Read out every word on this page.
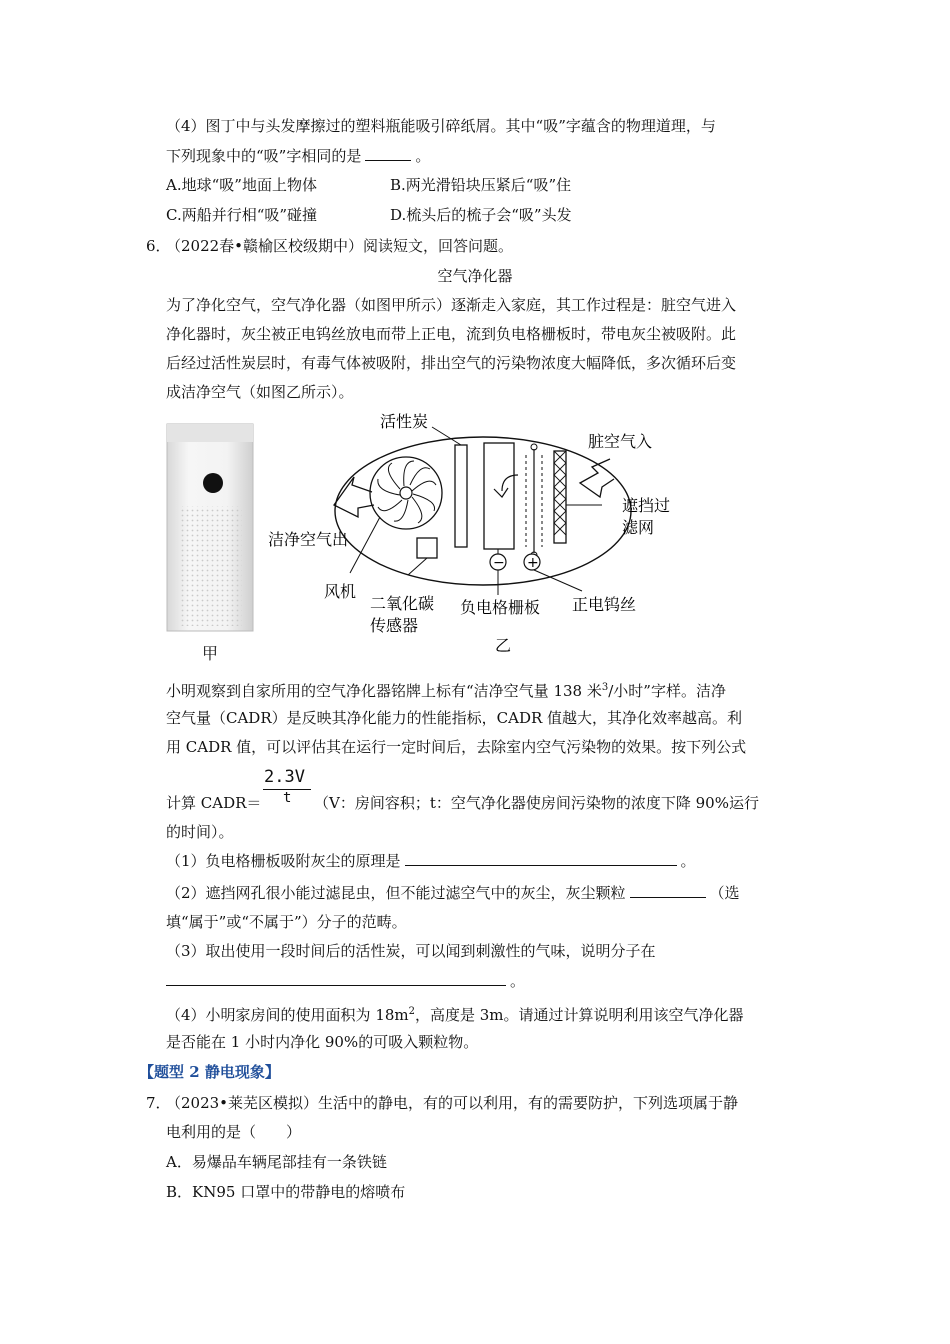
（4）图丁中与头发摩擦过的塑料瓶能吸引碎纸屑。其中“吸”字蕴含的物理道理，与
下列现象中的“吸”字相同的是	。
A.地球“吸”地面上物体	B.两光滑铅块压紧后“吸”住
C.两船并行相“吸”碰撞	D.梳头后的梳子会“吸”头发
6．
（2022春•赣榆区校级期中）阅读短文，回答问题。
空气净化器
为了净化空气，空气净化器（如图甲所示）逐渐走入家庭，其工作过程是：脏空气进入
净化器时，灰尘被正电钨丝放电而带上正电，流到负电格栅板时，带电灰尘被吸附。此
后经过活性炭层时，有毒气体被吸附，排出空气的污染物浓度大幅降低，多次循环后变
成洁净空气（如图乙所示）。
甲
− +
活性炭
脏空气入
遮挡过
滤网
洁净空气出
风机
二氧化碳
传感器
负电格栅板 正电钨丝
乙
小明观察到自家所用的空气净化器铭牌上标有“洁净空气量 138 米$^3$/小时”字样。洁净
空气量（CADR）是反映其净化能力的性能指标，CADR 值越大，其净化效率越高。利
用 CADR 值，可以评估其在运行一定时间后，去除室内空气污染物的效果。按下列公式
2.3V
t
计算 CADR＝	（V：房间容积；t：空气净化器使房间污染物的浓度下降 90%运行
的时间）。
（1）负电格栅板吸附灰尘的原理是	。
（2）遮挡网孔很小能过滤昆虫，但不能过滤空气中的灰尘，灰尘颗粒	（选
填“属于”或“不属于”）分子的范畴。
（3）取出使用一段时间后的活性炭，可以闻到刺激性的气味，说明分子在
。
（4）小明家房间的使用面积为 $18m^2$，高度是 3m。请通过计算说明利用该空气净化器
是否能在 1 小时内净化 90%的可吸入颗粒物。
【题型 2 静电现象】
7．
（2023•莱芜区模拟）生活中的静电，有的可以利用，有的需要防护，下列选项属于静
电利用的是（　　）
A．易爆品车辆尾部挂有一条铁链
B．KN95 口罩中的带静电的熔喷布
